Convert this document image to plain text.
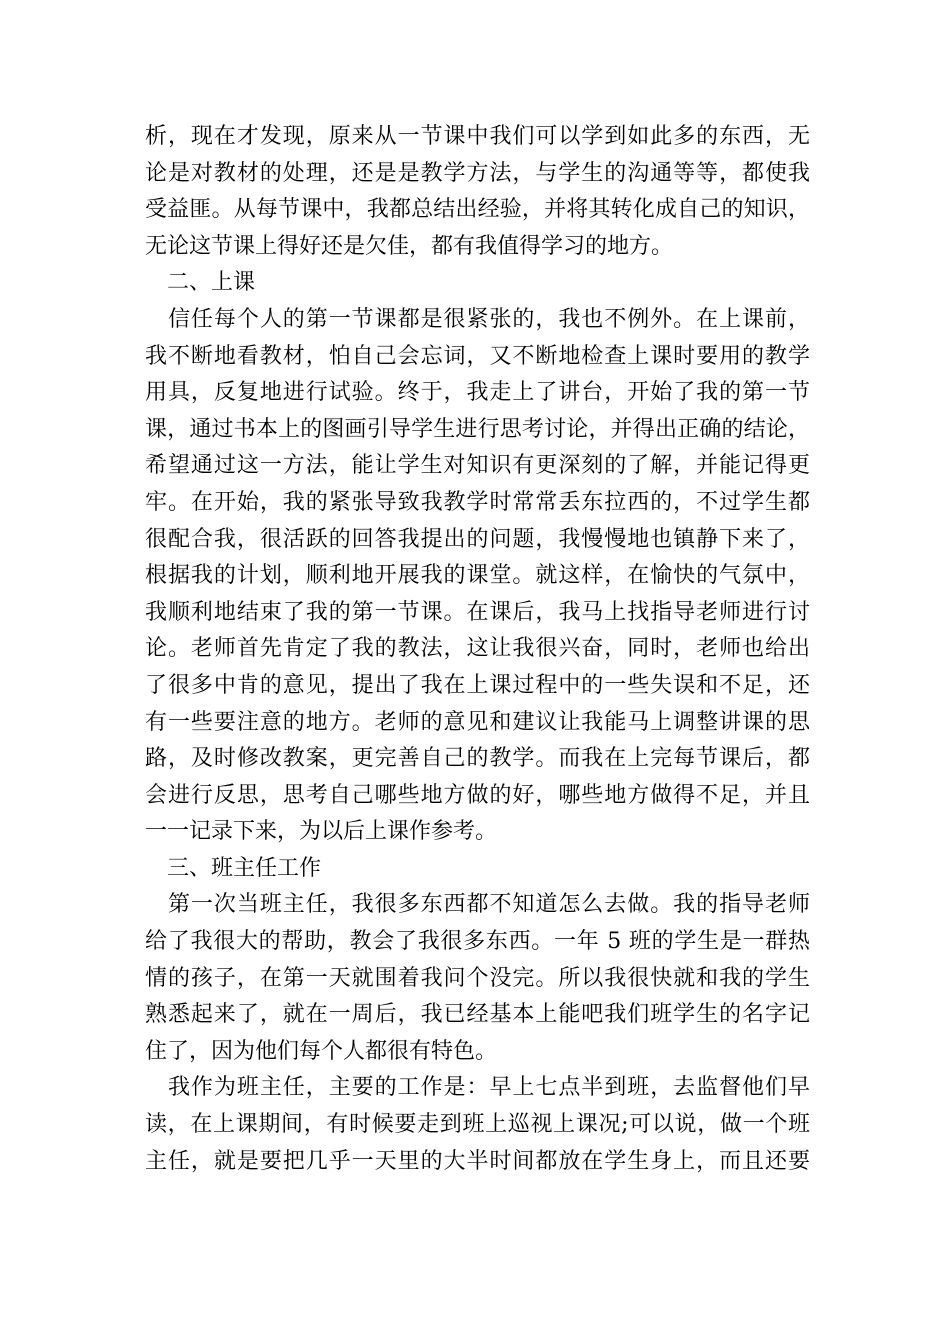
析，现在才发现，原来从一节课中我们可以学到如此多的东西，无
论是对教材的处理，还是是教学方法，与学生的沟通等等，都使我
受益匪。从每节课中，我都总结出经验，并将其转化成自己的知识，
无论这节课上得好还是欠佳，都有我值得学习的地方。
　二、上课
　信任每个人的第一节课都是很紧张的，我也不例外。在上课前，
我不断地看教材，怕自己会忘词，又不断地检查上课时要用的教学
用具，反复地进行试验。终于，我走上了讲台，开始了我的第一节
课，通过书本上的图画引导学生进行思考讨论，并得出正确的结论，
希望通过这一方法，能让学生对知识有更深刻的了解，并能记得更
牢。在开始，我的紧张导致我教学时常常丢东拉西的，不过学生都
很配合我，很活跃的回答我提出的问题，我慢慢地也镇静下来了，
根据我的计划，顺利地开展我的课堂。就这样，在愉快的气氛中，
我顺利地结束了我的第一节课。在课后，我马上找指导老师进行讨
论。老师首先肯定了我的教法，这让我很兴奋，同时，老师也给出
了很多中肯的意见，提出了我在上课过程中的一些失误和不足，还
有一些要注意的地方。老师的意见和建议让我能马上调整讲课的思
路，及时修改教案，更完善自己的教学。而我在上完每节课后，都
会进行反思，思考自己哪些地方做的好，哪些地方做得不足，并且
一一记录下来，为以后上课作参考。
　三、班主任工作
　第一次当班主任，我很多东西都不知道怎么去做。我的指导老师
给了我很大的帮助，教会了我很多东西。一年 5 班的学生是一群热
情的孩子，在第一天就围着我问个没完。所以我很快就和我的学生
熟悉起来了，就在一周后，我已经基本上能吧我们班学生的名字记
住了，因为他们每个人都很有特色。
　我作为班主任，主要的工作是：早上七点半到班，去监督他们早
读，在上课期间，有时候要走到班上巡视上课况;可以说，做一个班
主任，就是要把几乎一天里的大半时间都放在学生身上，而且还要
